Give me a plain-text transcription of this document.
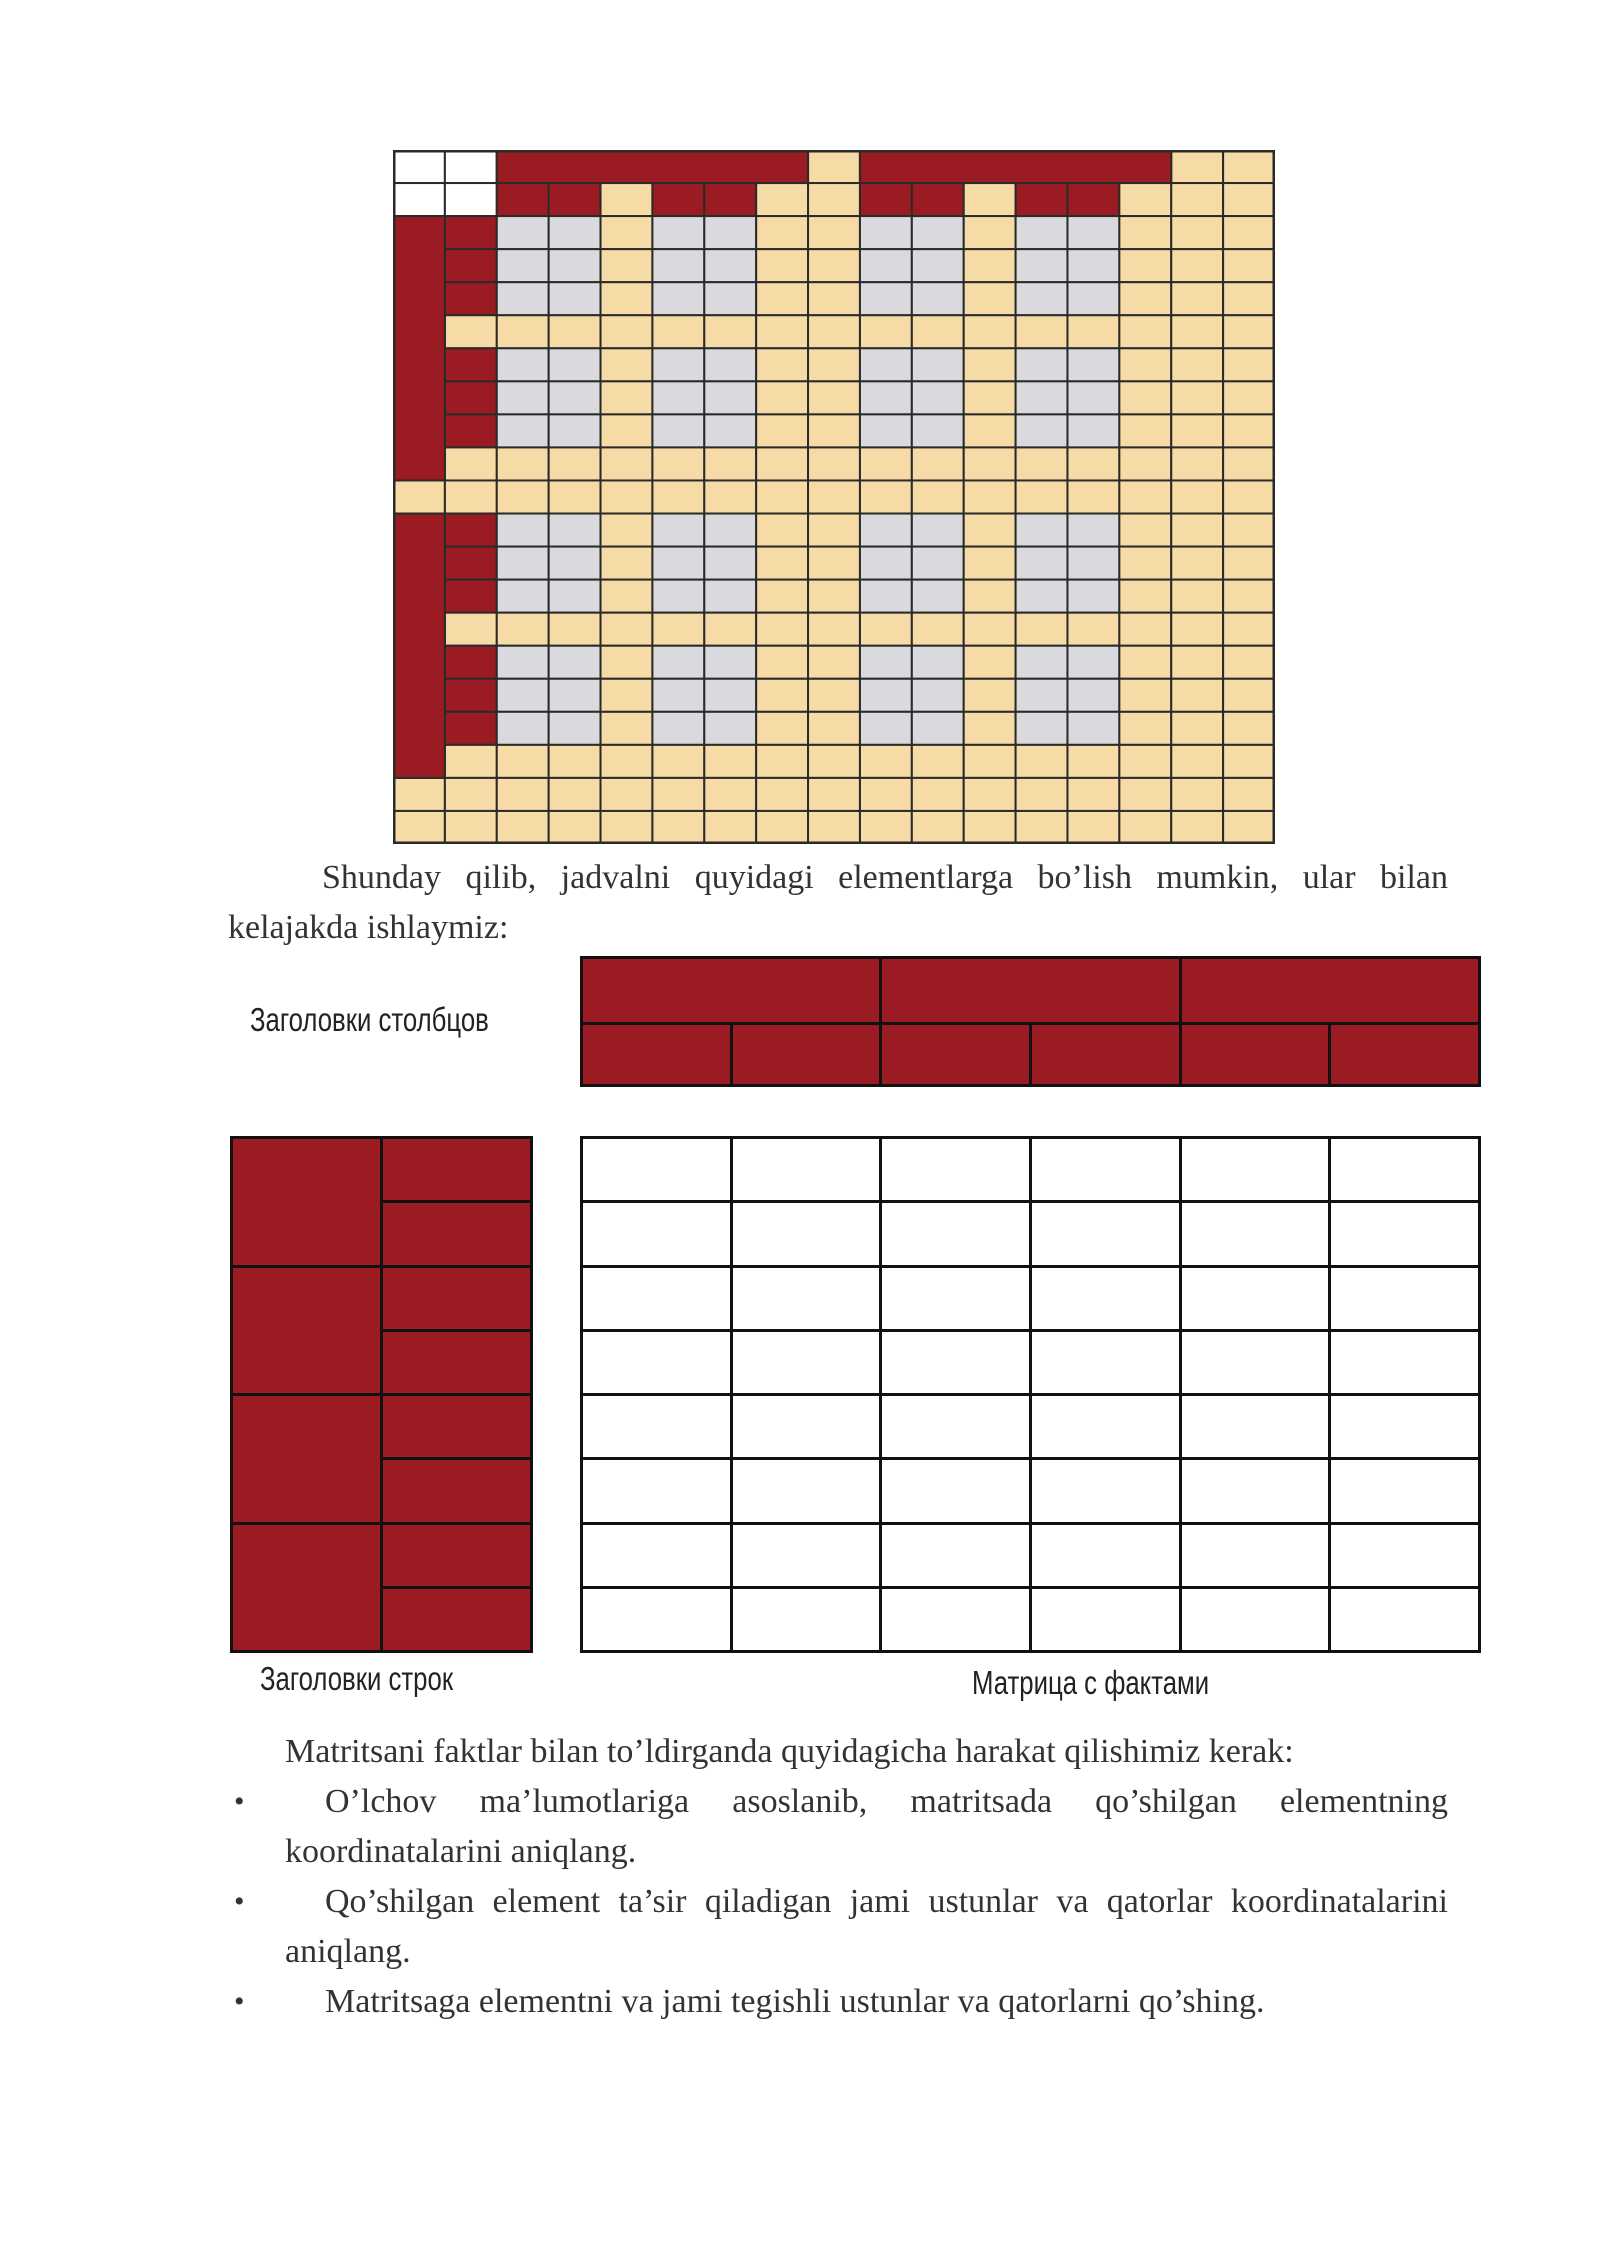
Shunday qilib, jadvalni quyidagi elementlarga bo’lish mumkin, ular bilan kelajakda ishlaymiz:
Заголовки столбцов
Заголовки строк	Матрица с фактами
Matritsani faktlar bilan to’ldirganda quyidagicha harakat qilishimiz kerak:
•	O’lchov ma’lumotlariga asoslanib, matritsada qo’shilgan elementning koordinatalarini aniqlang.
•	Qo’shilgan element ta’sir qiladigan jami ustunlar va qatorlar koordinatalarini aniqlang.
•	Matritsaga elementni va jami tegishli ustunlar va qatorlarni qo’shing.
